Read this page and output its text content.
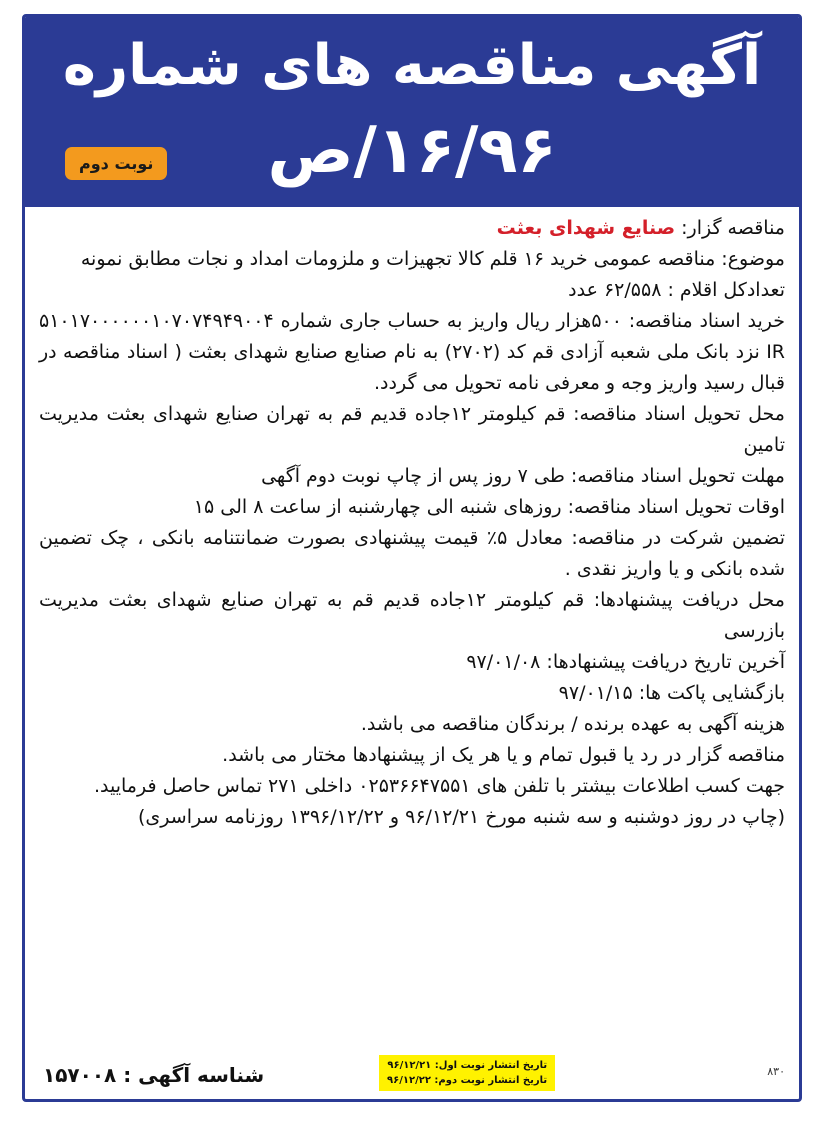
آگهی مناقصه های شماره
۱۶/۹۶/ص
نوبت دوم

مناقصه گزار: صنایع شهدای بعثت

موضوع: مناقصه عمومی خرید ۱۶ قلم کالا تجهیزات و ملزومات امداد و نجات مطابق نمونه

تعدادکل اقلام : ۶۲/۵۵۸ عدد

خرید اسناد مناقصه: ۵۰۰هزار ریال واریز به حساب جاری شماره ۵۱۰۱۷۰۰۰۰۰۰۱۰۷۰۷۴۹۴۹۰۰۴ IR نزد بانک ملی شعبه آزادی قم کد (۲۷۰۲) به نام صنایع صنایع شهدای بعثت ( اسناد مناقصه در قبال رسید واریز وجه و معرفی نامه تحویل می گردد.

محل تحویل اسناد مناقصه: قم کیلومتر ۱۲جاده قدیم قم به تهران صنایع شهدای بعثت مدیریت تامین

مهلت تحویل اسناد مناقصه: طی ۷ روز پس از چاپ نوبت دوم آگهی

اوقات تحویل اسناد مناقصه: روزهای شنبه الی چهارشنبه از ساعت ۸ الی ۱۵

تضمین شرکت در مناقصه: معادل ۵٪ قیمت پیشنهادی بصورت ضمانتنامه بانکی ، چک تضمین شده بانکی و یا واریز نقدی .

محل دریافت پیشنهادها: قم کیلومتر ۱۲جاده قدیم قم به تهران صنایع شهدای بعثت مدیریت بازرسی

آخرین تاریخ دریافت پیشنهادها: ۹۷/۰۱/۰۸

بازگشایی پاکت ها: ۹۷/۰۱/۱۵

هزینه آگهی به عهده برنده / برندگان مناقصه می باشد.

مناقصه گزار در رد یا قبول تمام و یا هر یک از پیشنهادها مختار می باشد.

جهت کسب اطلاعات بیشتر با تلفن های ۰۲۵۳۶۶۴۷۵۵۱ داخلی ۲۷۱ تماس حاصل فرمایید.

(چاپ در روز دوشنبه و سه شنبه مورخ ۹۶/۱۲/۲۱ و ۱۳۹۶/۱۲/۲۲ روزنامه سراسری)

شناسه آگهی : ۱۵۷۰۰۸	تاریخ انتشار نوبت اول: ۹۶/۱۲/۲۱
تاریخ انتشار نوبت دوم: ۹۶/۱۲/۲۲
۸۳۰
